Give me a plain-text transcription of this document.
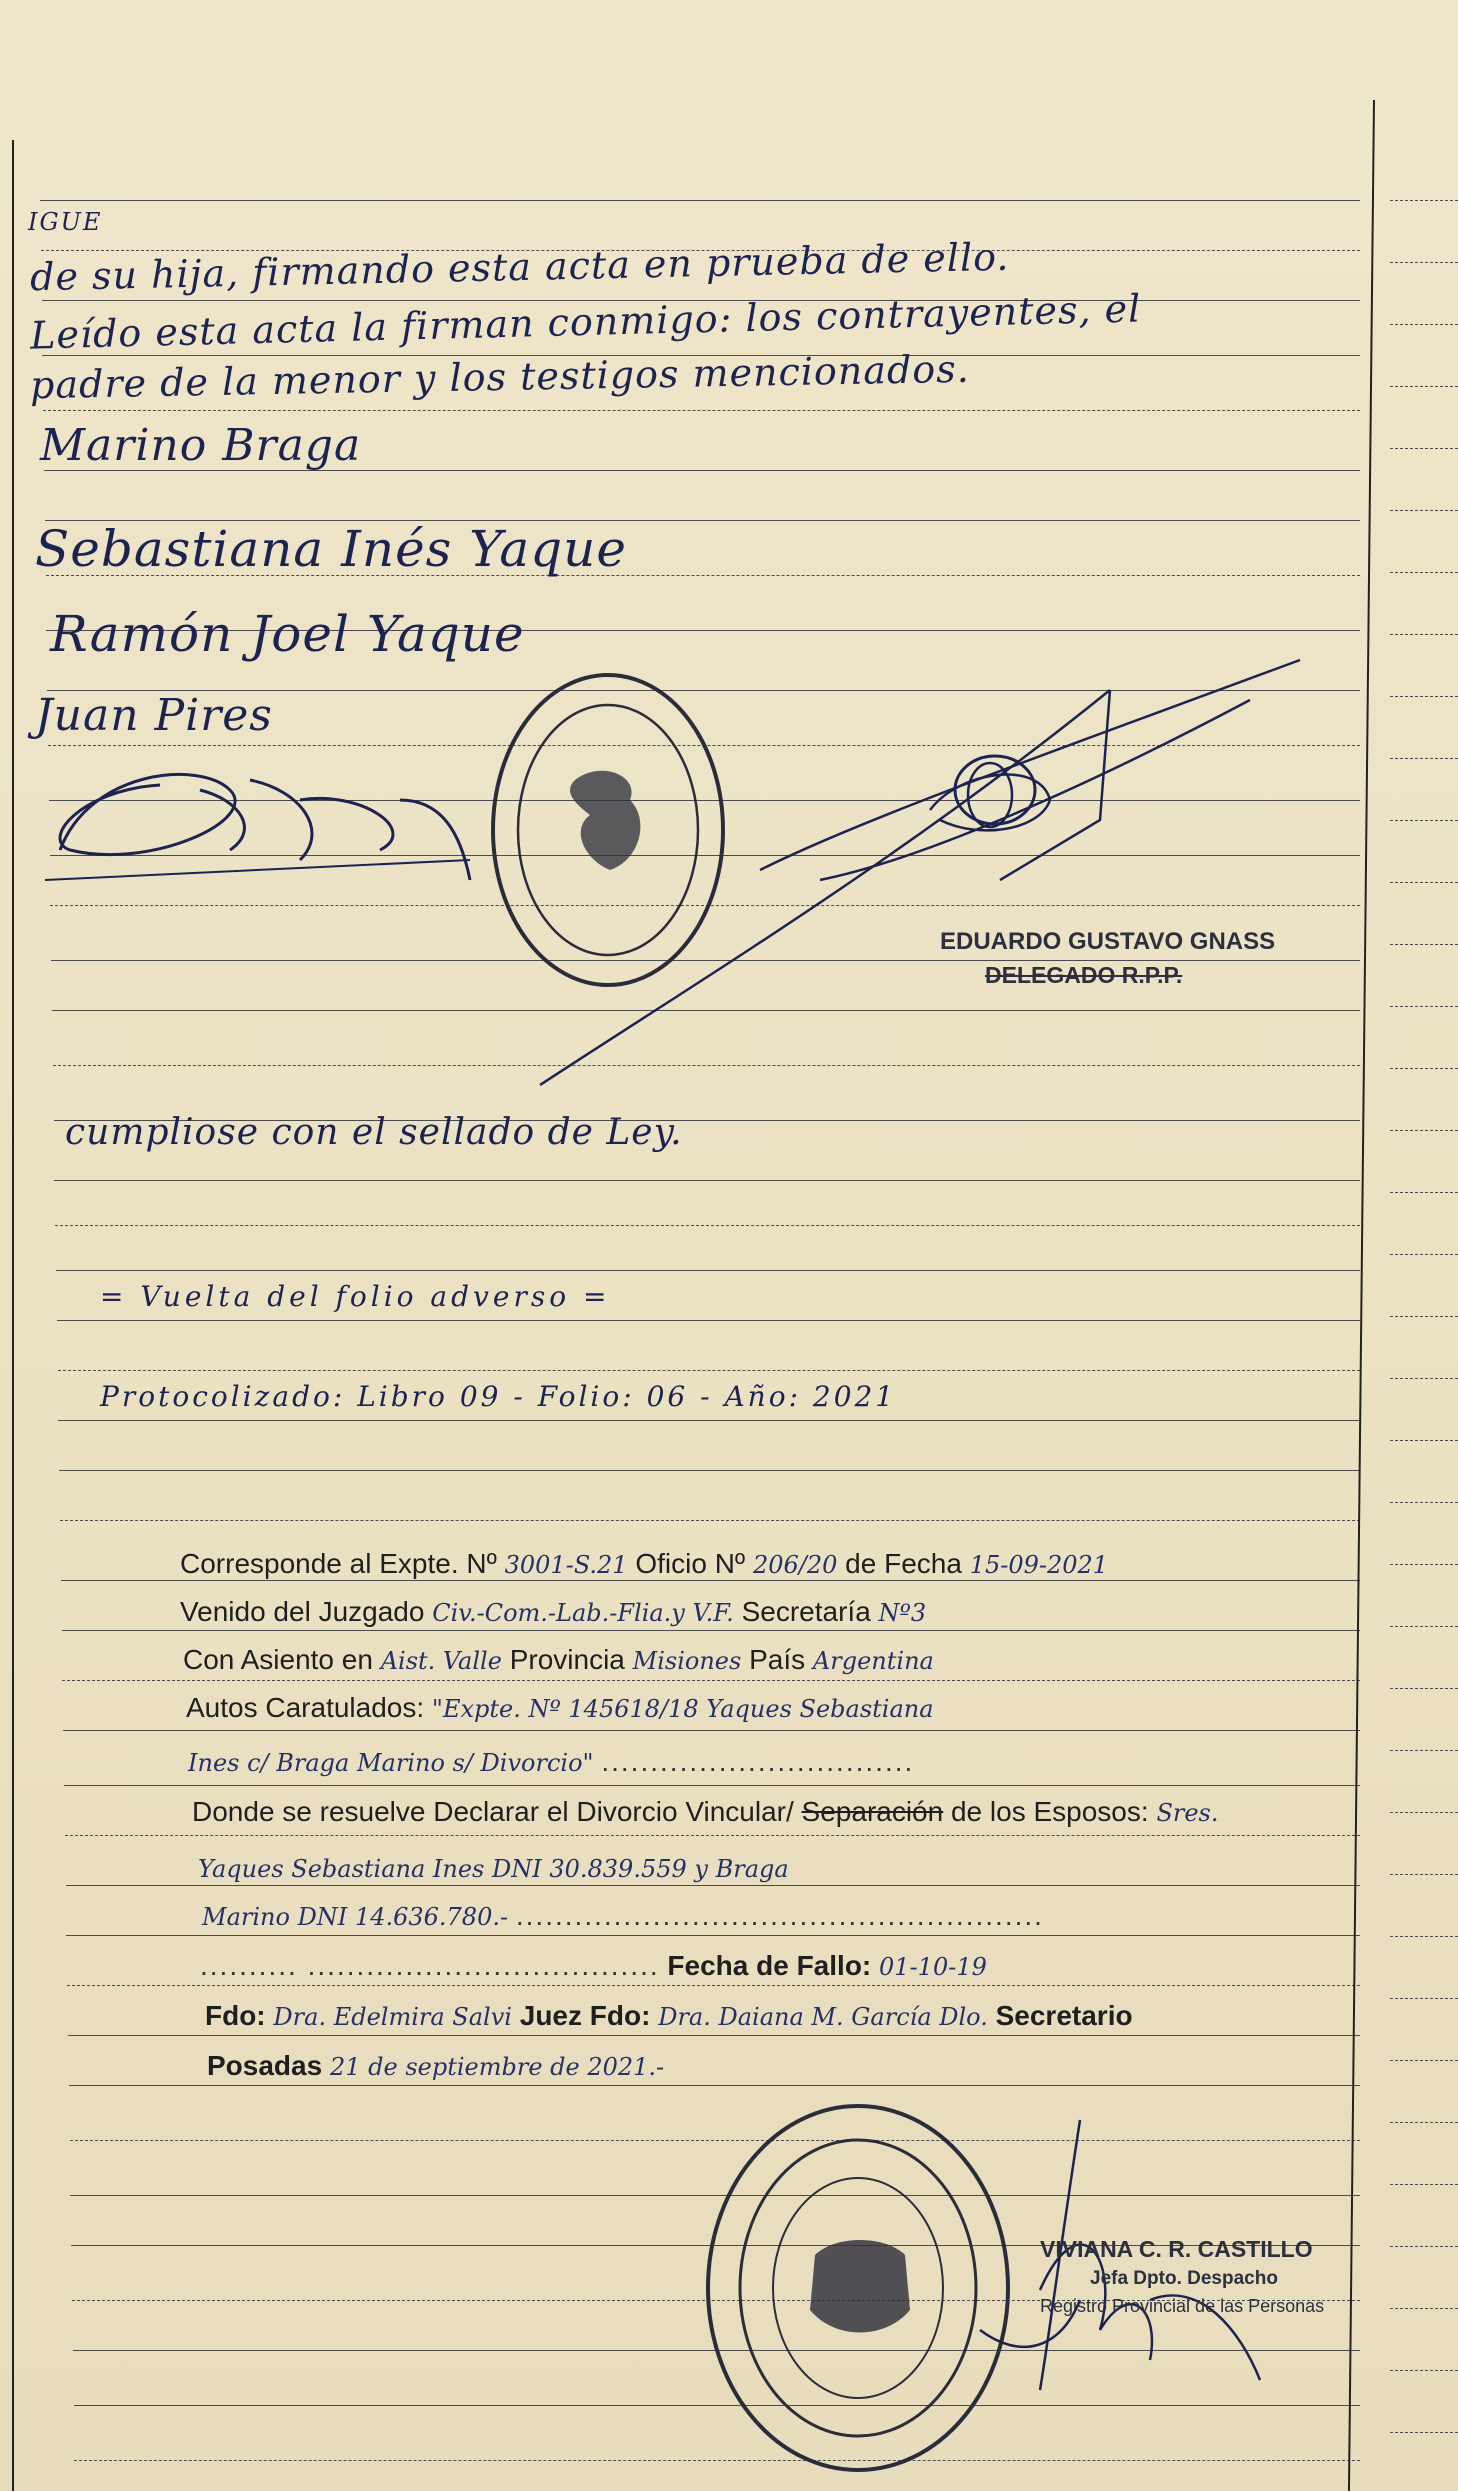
IGUE
de su hija, firmando esta acta en prueba de ello.
Leído esta acta la firman conmigo: los contrayentes, el
padre de la menor y los testigos mencionados.
Marino Braga
Sebastiana Inés Yaque
Ramón Joel Yaque
Juan Pires
EDUARDO GUSTAVO GNASS
DELEGADO R.P.P.
cumpliose con el sellado de Ley.
= Vuelta del folio adverso =
Protocolizado: Libro 09 - Folio: 06 - Año: 2021
Corresponde al Expte. Nº 3001-S.21 Oficio Nº 206/20 de Fecha 15-09-2021
Venido del Juzgado Civ.-Com.-Lab.-Flia.y V.F. Secretaría Nº3
Con Asiento en Aist. Valle Provincia Misiones País Argentina
Autos Caratulados: "Expte. Nº 145618/18 Yaques Sebastiana
Ines c/ Braga Marino s/ Divorcio" ................................
Donde se resuelve Declarar el Divorcio Vincular/ Separación de los Esposos: Sres.
Yaques Sebastiana Ines DNI 30.839.559 y Braga
Marino DNI 14.636.780.- ......................................................
.......... .................................... Fecha de Fallo: 01-10-19
Fdo: Dra. Edelmira Salvi Juez Fdo: Dra. Daiana M. García Dlo. Secretario
Posadas 21 de septiembre de 2021.-
VIVIANA C. R. CASTILLO
Jefa Dpto. Despacho
Registro Provincial de las Personas
